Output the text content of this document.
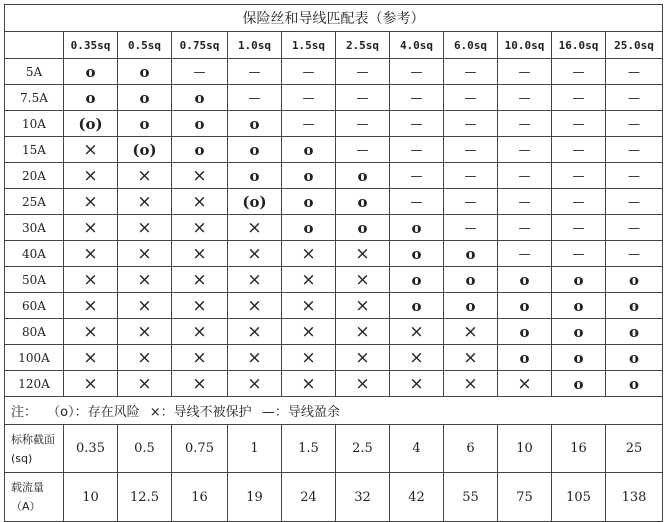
保险丝和导线匹配表（参考）											
	0.35sq	0.5sq	0.75sq	1.0sq	1.5sq	2.5sq	4.0sq	6.0sq	10.0sq	16.0sq	25.0sq
5A	o	o	—	—	—	—	—	—	—	—	—
7.5A	o	o	o	—	—	—	—	—	—	—	—
10A	(o)	o	o	o	—	—	—	—	—	—	—
15A	×	(o)	o	o	o	—	—	—	—	—	—
20A	×	×	×	o	o	o	—	—	—	—	—
25A	×	×	×	(o)	o	o	—	—	—	—	—
30A	×	×	×	×	o	o	o	—	—	—	—
40A	×	×	×	×	×	×	o	o	—	—	—
50A	×	×	×	×	×	×	o	o	o	o	o
60A	×	×	×	×	×	×	o	o	o	o	o
80A	×	×	×	×	×	×	×	×	o	o	o
100A	×	×	×	×	×	×	×	×	o	o	o
120A	×	×	×	×	×	×	×	×	×	o	o
注： （o）：存在风险 ×：导线不被保护 —：导线盈余											
标称截面(sq)	0.35	0.5	0.75	1	1.5	2.5	4	6	10	16	25
载流量（A）	10	12.5	16	19	24	32	42	55	75	105	138
